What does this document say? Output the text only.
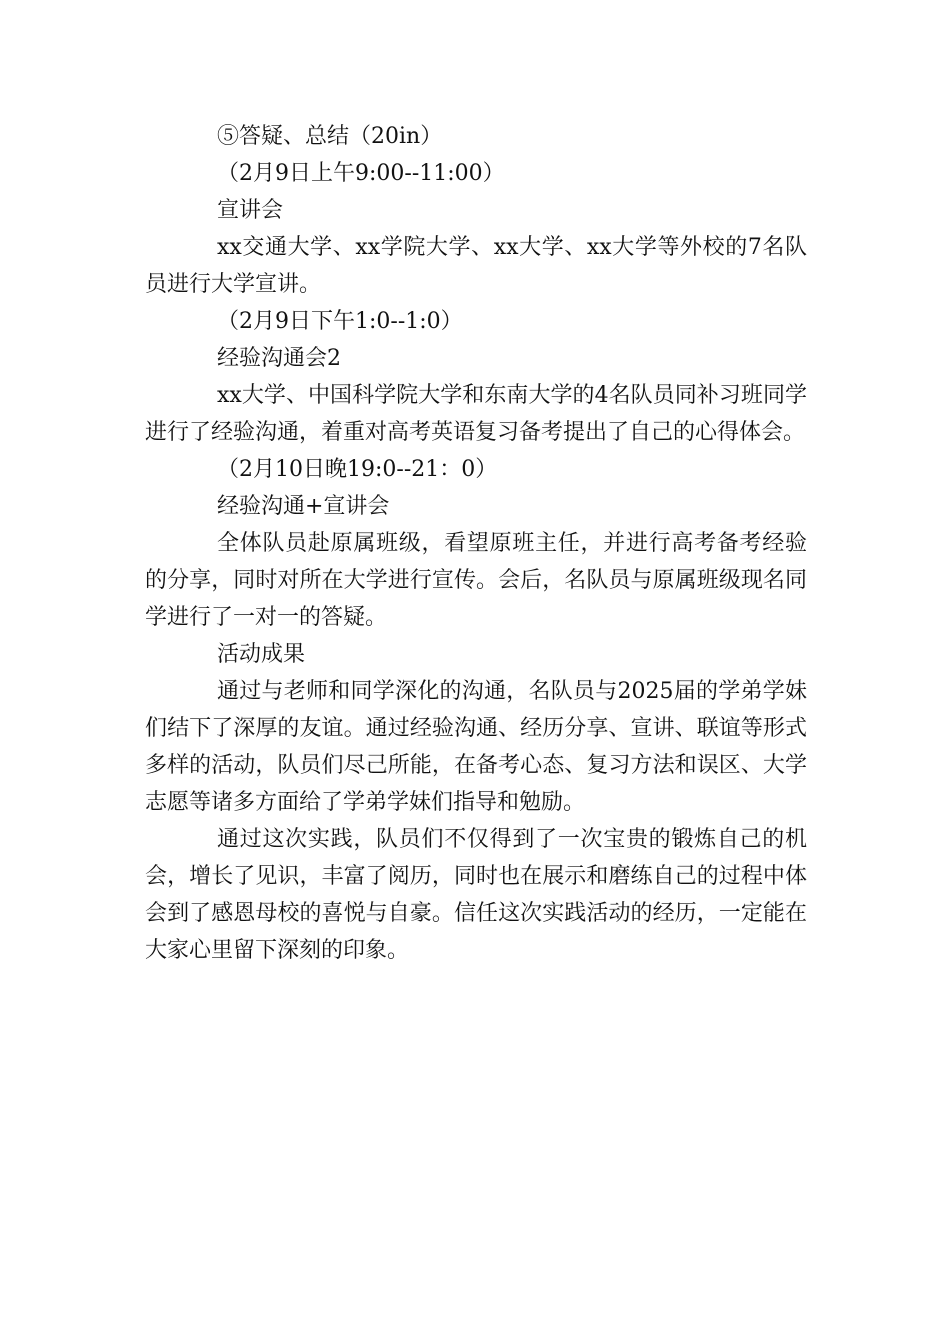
⑤答疑、总结（20in）

（2月9日上午9:00--11:00）

宣讲会

xx交通大学、xx学院大学、xx大学、xx大学等外校的7名队员进行大学宣讲。

（2月9日下午1:0--1:0）

经验沟通会2

xx大学、中国科学院大学和东南大学的4名队员同补习班同学进行了经验沟通，着重对高考英语复习备考提出了自己的心得体会。

（2月10日晚19:0--21：0）

经验沟通+宣讲会

全体队员赴原属班级，看望原班主任，并进行高考备考经验的分享，同时对所在大学进行宣传。会后，名队员与原属班级现名同学进行了一对一的答疑。

活动成果

通过与老师和同学深化的沟通，名队员与2025届的学弟学妹们结下了深厚的友谊。通过经验沟通、经历分享、宣讲、联谊等形式多样的活动，队员们尽己所能，在备考心态、复习方法和误区、大学志愿等诸多方面给了学弟学妹们指导和勉励。

通过这次实践，队员们不仅得到了一次宝贵的锻炼自己的机会，增长了见识，丰富了阅历，同时也在展示和磨练自己的过程中体会到了感恩母校的喜悦与自豪。信任这次实践活动的经历，一定能在大家心里留下深刻的印象。
